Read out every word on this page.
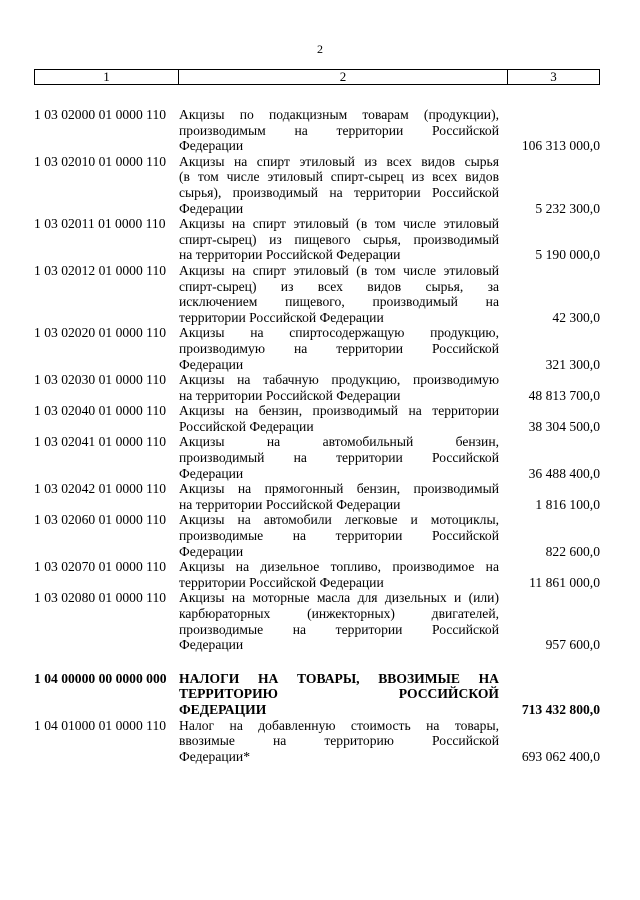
2
1	2	3
1 03 02000 01 0000 110 Акцизы по подакцизным товарам (продукции),
производимым на территории Российской
Федерации	106 313 000,0
1 03 02010 01 0000 110 Акцизы на спирт этиловый из всех видов сырья
(в том числе этиловый спирт-сырец из всех видов
сырья), производимый на территории Российской
Федерации	5 232 300,0
1 03 02011 01 0000 110 Акцизы на спирт этиловый (в том числе этиловый
спирт-сырец) из пищевого сырья, производимый
на территории Российской Федерации	5 190 000,0
1 03 02012 01 0000 110 Акцизы на спирт этиловый (в том числе этиловый
спирт-сырец) из всех видов сырья, за
исключением пищевого, производимый на
территории Российской Федерации	42 300,0
1 03 02020 01 0000 110 Акцизы на спиртосодержащую продукцию,
производимую на территории Российской
Федерации	321 300,0
1 03 02030 01 0000 110 Акцизы на табачную продукцию, производимую
на территории Российской Федерации	48 813 700,0
1 03 02040 01 0000 110 Акцизы на бензин, производимый на территории
Российской Федерации	38 304 500,0
1 03 02041 01 0000 110 Акцизы на автомобильный бензин,
производимый на территории Российской
Федерации	36 488 400,0
1 03 02042 01 0000 110 Акцизы на прямогонный бензин, производимый
на территории Российской Федерации	1 816 100,0
1 03 02060 01 0000 110 Акцизы на автомобили легковые и мотоциклы,
производимые на территории Российской
Федерации	822 600,0
1 03 02070 01 0000 110 Акцизы на дизельное топливо, производимое на
территории Российской Федерации	11 861 000,0
1 03 02080 01 0000 110 Акцизы на моторные масла для дизельных и (или)
карбюраторных (инжекторных) двигателей,
производимые на территории Российской
Федерации	957 600,0
1 04 00000 00 0000 000 НАЛОГИ НА ТОВАРЫ, ВВОЗИМЫЕ НА
ТЕРРИТОРИЮ РОССИЙСКОЙ
ФЕДЕРАЦИИ	713 432 800,0
1 04 01000 01 0000 110 Налог на добавленную стоимость на товары,
ввозимые на территорию Российской
Федерации*	693 062 400,0
